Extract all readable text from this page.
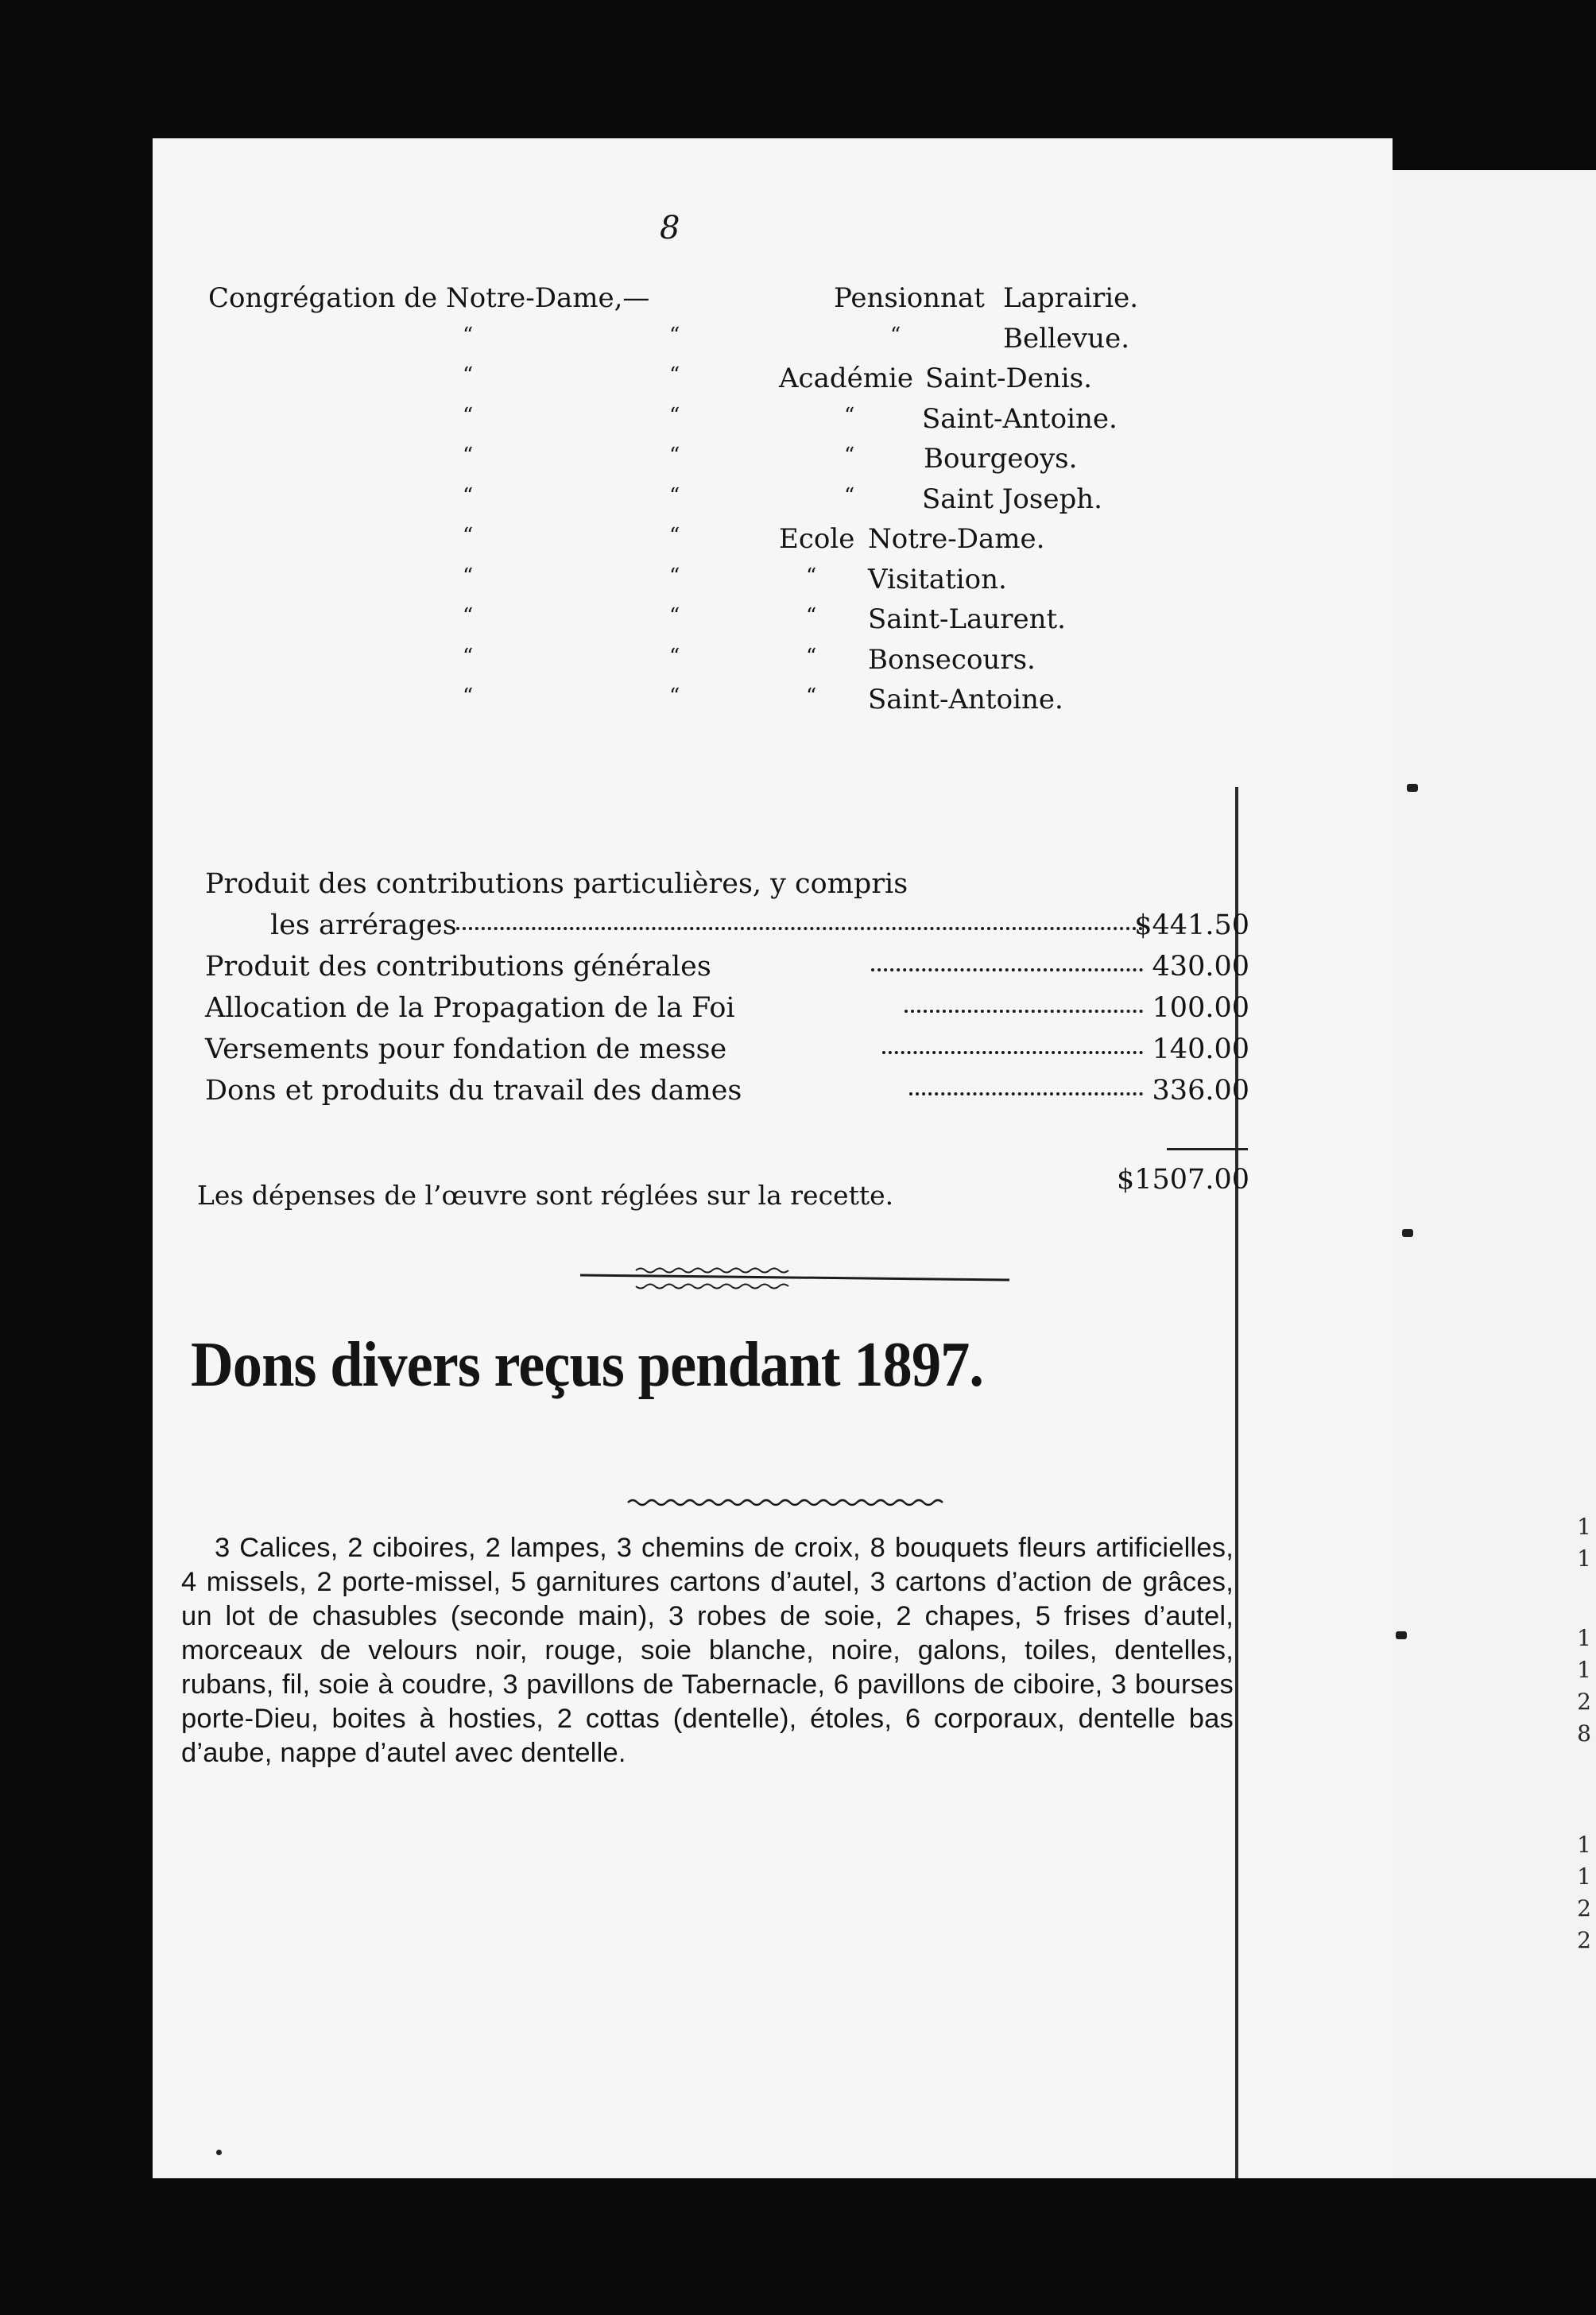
1
1
1
1
2
8
1
1
2
2
8
Congrégation de Notre-Dame,—	Pensionnat Laprairie.
“	“	“	Bellevue.
“	“	Académie Saint-Denis.
“	“	“ Saint-Antoine.
“	“	“	Bourgeoys.
“	“	“ Saint Joseph.
“	“	Ecole Notre-Dame.
“	“	“ Visitation.
“	“	“ Saint-Laurent.
“	“	“ Bonsecours.
“	“	“ Saint-Antoine.
Produit des contributions particulières, y compris
les arrérages	$441.50
Produit des contributions générales	430.00
Allocation de la Propagation de la Foi	100.00
Versements pour fondation de messe	140.00
Dons et produits du travail des dames	336.00
$1507.00
Les dépenses de l’œuvre sont réglées sur la recette.
Dons divers reçus pendant 1897.
3 Calices, 2 ciboires, 2 lampes, 3 chemins de croix, 8 bouquets fleurs artificielles, 4 missels, 2 porte-missel, 5 garnitures cartons d’autel, 3 cartons d’action de grâces, un lot de chasubles (seconde main), 3 robes de soie, 2 chapes, 5 frises d’autel, morceaux de velours noir, rouge, soie blanche, noire, galons, toiles, dentelles, rubans, fil, soie à coudre, 3 pavillons de Tabernacle, 6 pavillons de ciboire, 3 bourses porte-Dieu, boites à hosties, 2 cottas (dentelle), étoles, 6 corporaux, dentelle bas d’aube, nappe d’autel avec dentelle.
